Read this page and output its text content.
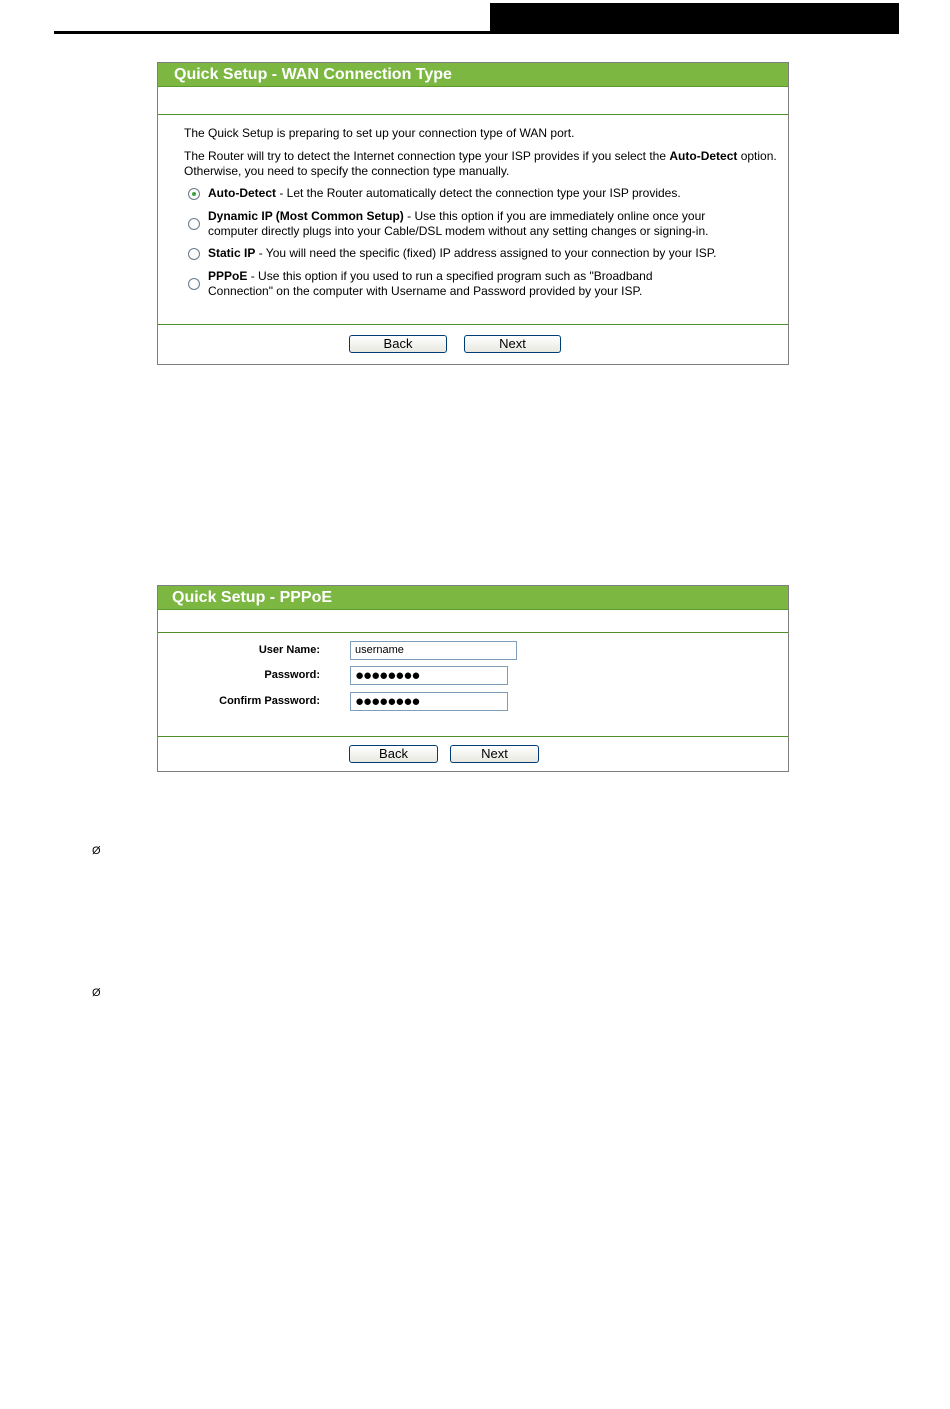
Quick Setup - WAN Connection Type
The Quick Setup is preparing to set up your connection type of WAN port.
The Router will try to detect the Internet connection type your ISP provides if you select the Auto-Detect option.
Otherwise, you need to specify the connection type manually.
Auto-Detect - Let the Router automatically detect the connection type your ISP provides.
Dynamic IP (Most Common Setup) - Use this option if you are immediately online once your
computer directly plugs into your Cable/DSL modem without any setting changes or signing-in.
Static IP - You will need the specific (fixed) IP address assigned to your connection by your ISP.
PPPoE - Use this option if you used to run a specified program such as "Broadband
Connection" on the computer with Username and Password provided by your ISP.
Back	Next
Quick Setup - PPPoE
User Name:	username
Password:	●●●●●●●●
Confirm Password:	●●●●●●●●
Back	Next
Ø
Ø
